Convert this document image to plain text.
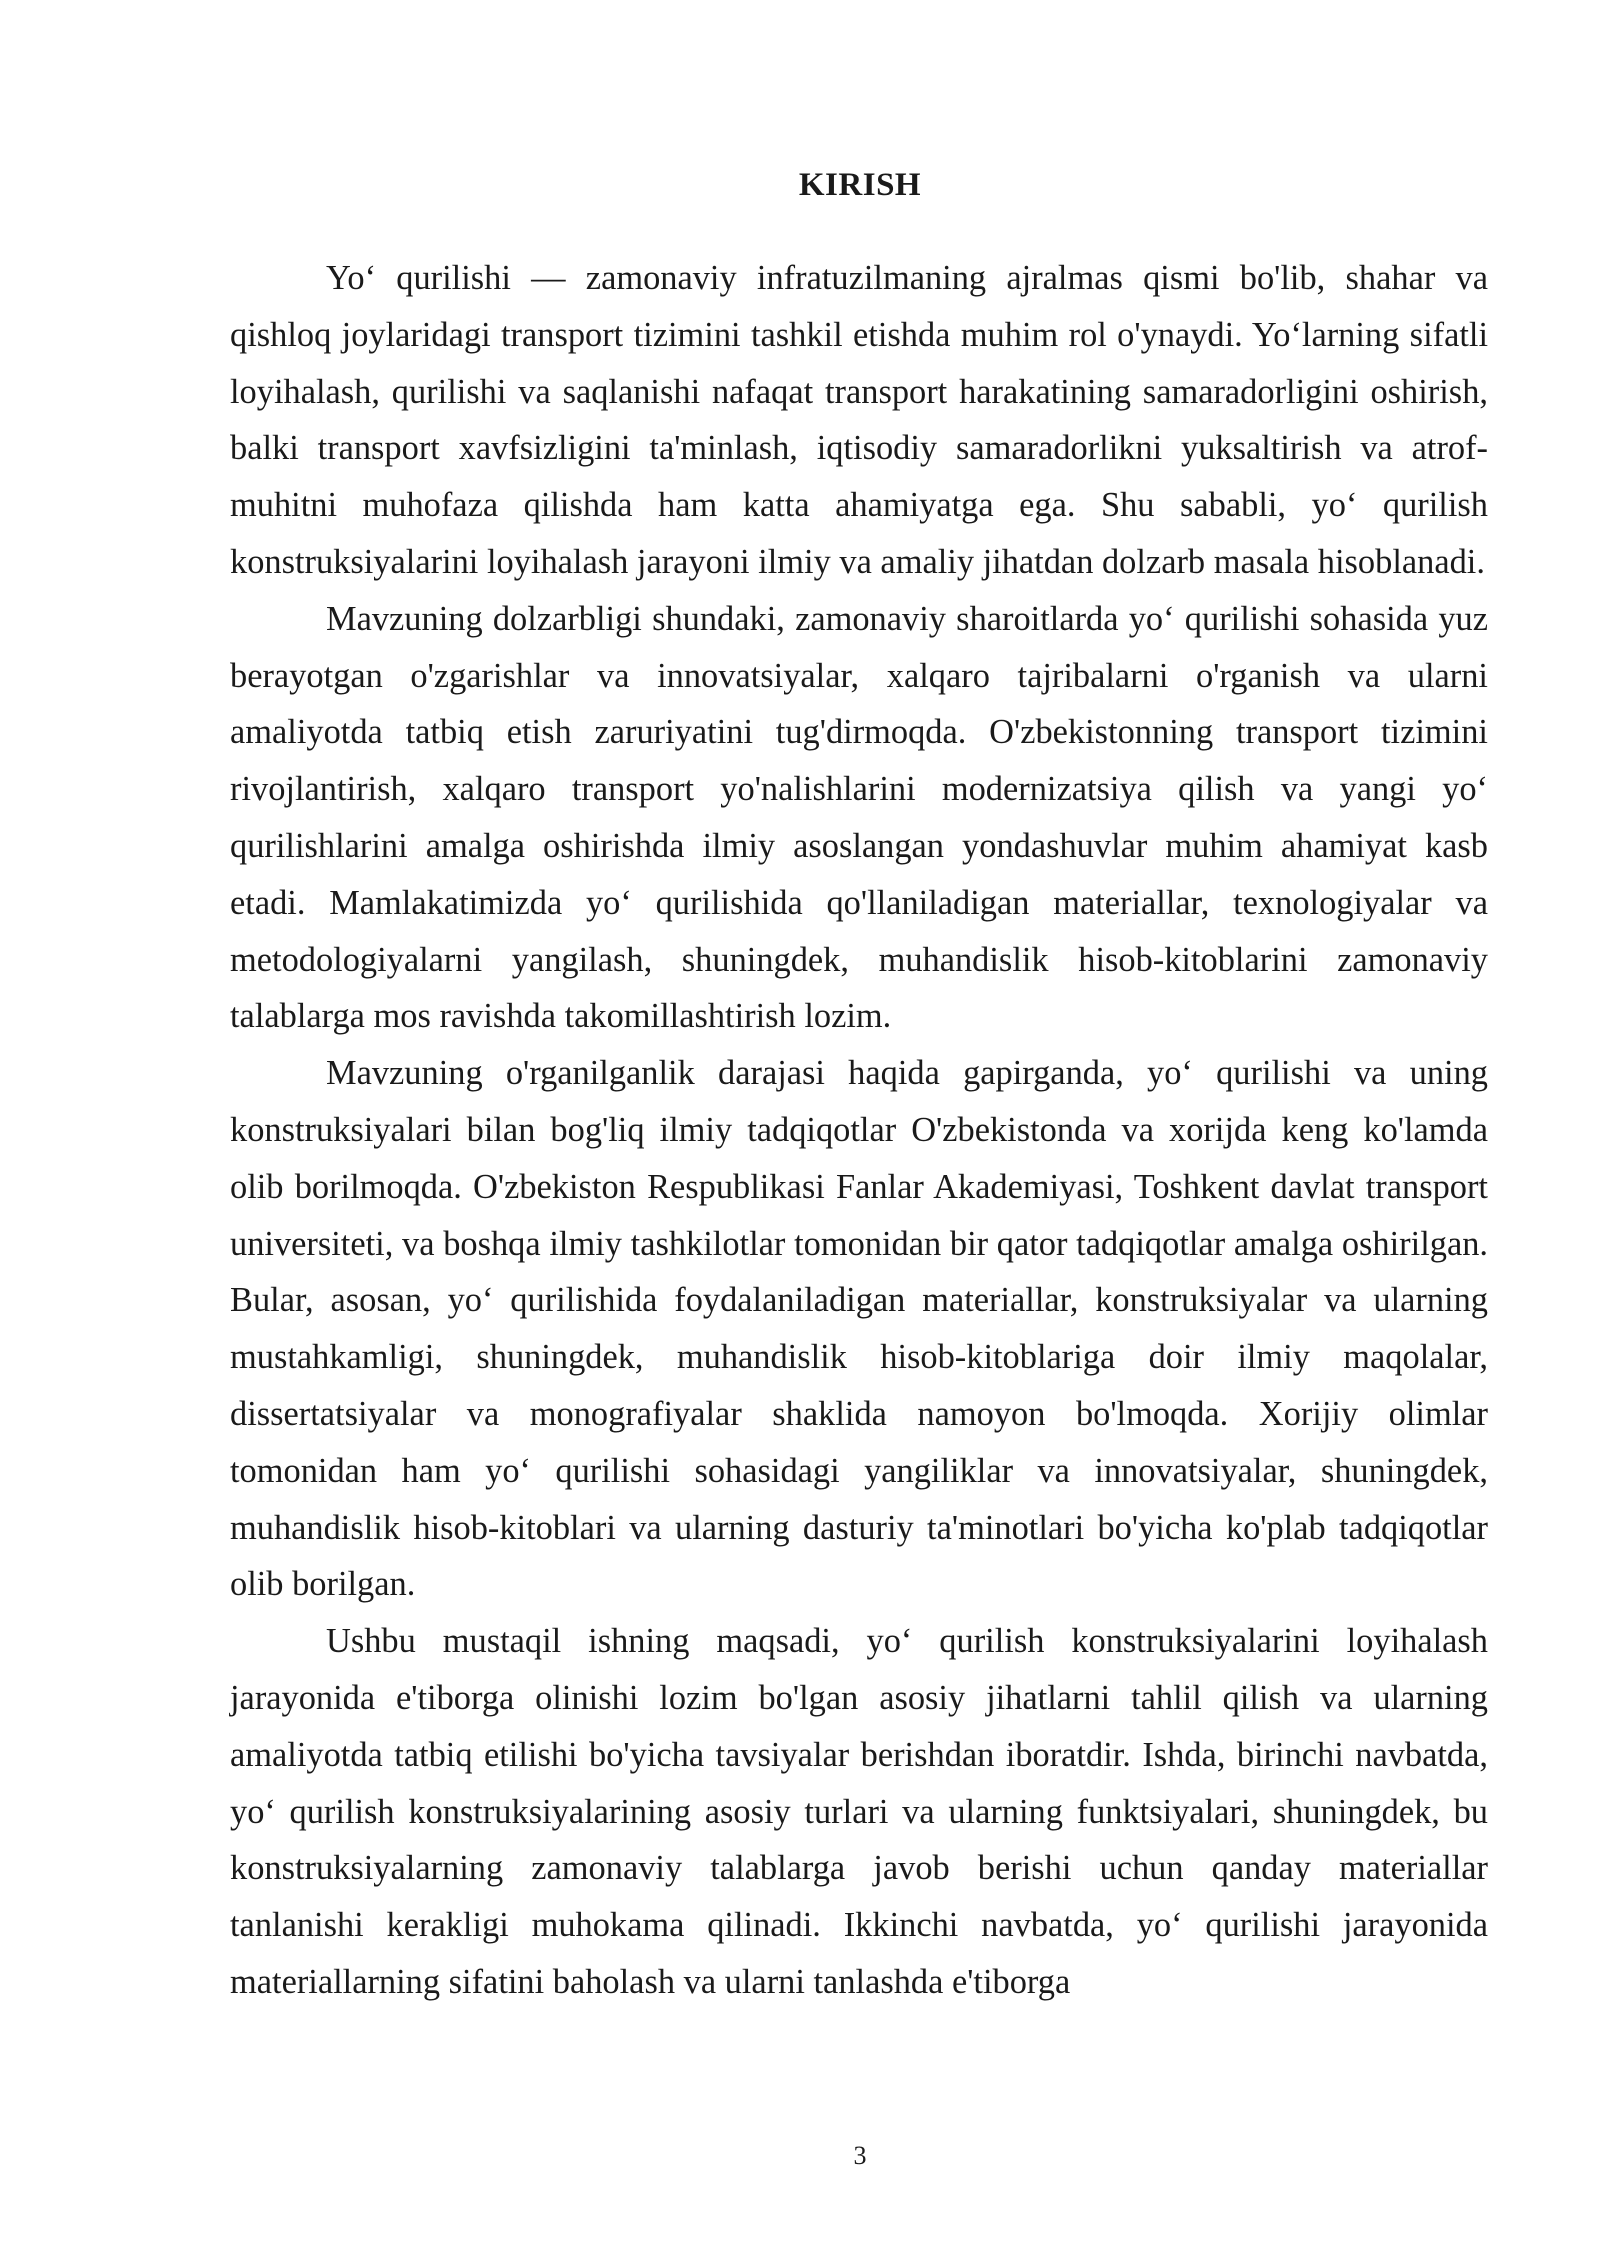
KIRISH

Yo‘ qurilishi — zamonaviy infratuzilmaning ajralmas qismi bo'lib, shahar va qishloq joylaridagi transport tizimini tashkil etishda muhim rol o'ynaydi. Yo‘larning sifatli loyihalash, qurilishi va saqlanishi nafaqat transport harakatining samaradorligini oshirish, balki transport xavfsizligini ta'minlash, iqtisodiy samaradorlikni yuksaltirish va atrof-muhitni muhofaza qilishda ham katta ahamiyatga ega. Shu sababli, yo‘ qurilish konstruksiyalarini loyihalash jarayoni ilmiy va amaliy jihatdan dolzarb masala hisoblanadi.

Mavzuning dolzarbligi shundaki, zamonaviy sharoitlarda yo‘ qurilishi sohasida yuz berayotgan o'zgarishlar va innovatsiyalar, xalqaro tajribalarni o'rganish va ularni amaliyotda tatbiq etish zaruriyatini tug'dirmoqda. O'zbekistonning transport tizimini rivojlantirish, xalqaro transport yo'nalishlarini modernizatsiya qilish va yangi yo‘ qurilishlarini amalga oshirishda ilmiy asoslangan yondashuvlar muhim ahamiyat kasb etadi. Mamlakatimizda yo‘ qurilishida qo'llaniladigan materiallar, texnologiyalar va metodologiyalarni yangilash, shuningdek, muhandislik hisob-kitoblarini zamonaviy talablarga mos ravishda takomillashtirish lozim.

Mavzuning o'rganilganlik darajasi haqida gapirganda, yo‘ qurilishi va uning konstruksiyalari bilan bog'liq ilmiy tadqiqotlar O'zbekistonda va xorijda keng ko'lamda olib borilmoqda. O'zbekiston Respublikasi Fanlar Akademiyasi, Toshkent davlat transport universiteti, va boshqa ilmiy tashkilotlar tomonidan bir qator tadqiqotlar amalga oshirilgan. Bular, asosan, yo‘ qurilishida foydalaniladigan materiallar, konstruksiyalar va ularning mustahkamligi, shuningdek, muhandislik hisob-kitoblariga doir ilmiy maqolalar, dissertatsiyalar va monografiyalar shaklida namoyon bo'lmoqda. Xorijiy olimlar tomonidan ham yo‘ qurilishi sohasidagi yangiliklar va innovatsiyalar, shuningdek, muhandislik hisob-kitoblari va ularning dasturiy ta'minotlari bo'yicha ko'plab tadqiqotlar olib borilgan.

Ushbu mustaqil ishning maqsadi, yo‘ qurilish konstruksiyalarini loyihalash jarayonida e'tiborga olinishi lozim bo'lgan asosiy jihatlarni tahlil qilish va ularning amaliyotda tatbiq etilishi bo'yicha tavsiyalar berishdan iboratdir. Ishda, birinchi navbatda, yo‘ qurilish konstruksiyalarining asosiy turlari va ularning funktsiyalari, shuningdek, bu konstruksiyalarning zamonaviy talablarga javob berishi uchun qanday materiallar tanlanishi kerakligi muhokama qilinadi. Ikkinchi navbatda, yo‘ qurilishi jarayonida materiallarning sifatini baholash va ularni tanlashda e'tiborga

3
